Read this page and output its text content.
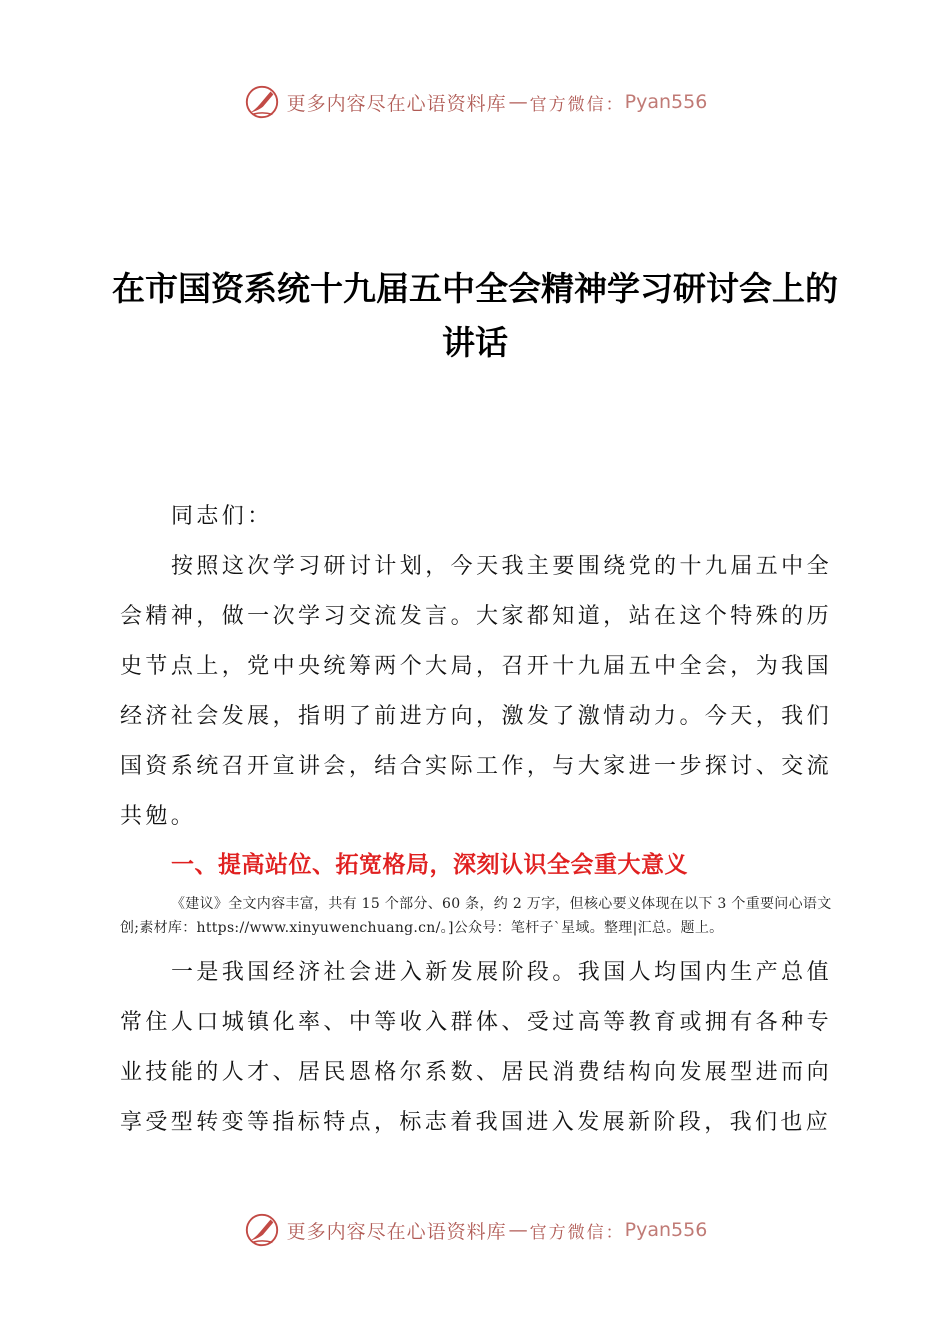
更多内容尽在心语资料库 — 官方微信： Pyan556
在市国资系统十九届五中全会精神学习研讨会上的讲话

同志们：

按照这次学习研讨计划，今天我主要围绕党的十九届五中全会精神，做一次学习交流发言。大家都知道，站在这个特殊的历史节点上，党中央统筹两个大局，召开十九届五中全会，为我国经济社会发展，指明了前进方向，激发了激情动力。今天，我们国资系统召开宣讲会，结合实际工作，与大家进一步探讨、交流共勉。

一、提高站位、拓宽格局，深刻认识全会重大意义

《建议》全文内容丰富，共有 15 个部分、60 条，约 2 万字，但核心要义体现在以下 3 个重要问心语文创;素材库：https://www.xinyuwenchuang.cn/。]公众号：笔杆子`星域。整理|汇总。题上。

一是我国经济社会进入新发展阶段。我国人均国内生产总值常住人口城镇化率、中等收入群体、受过高等教育或拥有各种专业技能的人才、居民恩格尔系数、居民消费结构向发展型进而向享受型转变等指标特点，标志着我国进入发展新阶段，我们也应

更多内容尽在心语资料库 — 官方微信： Pyan556
